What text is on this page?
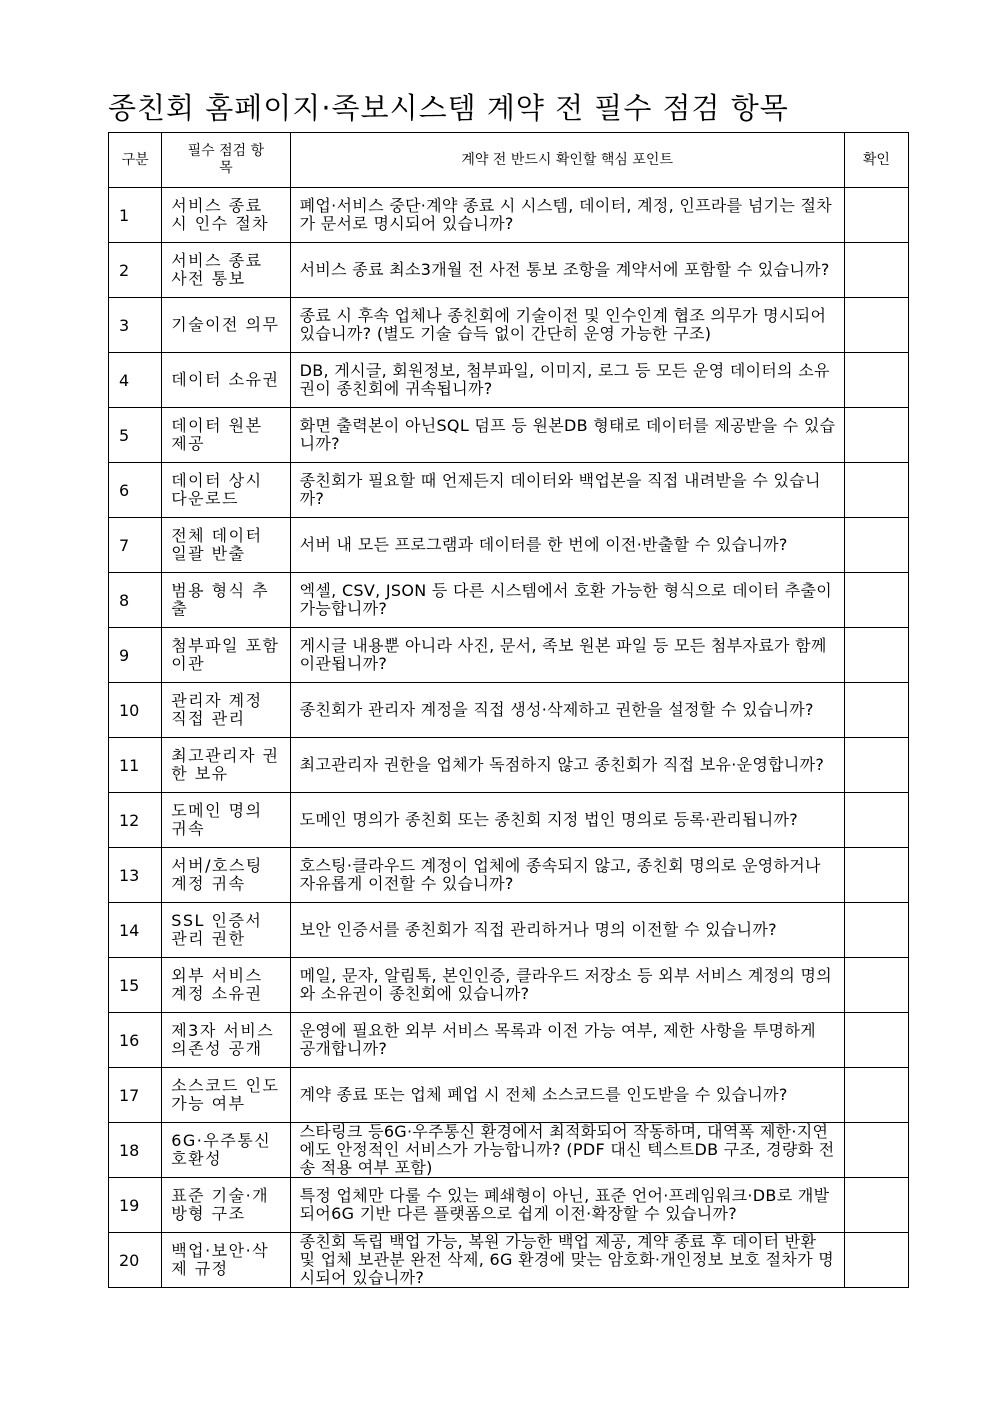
종친회 홈페이지·족보시스템 계약 전 필수 점검 항목
구분	필수 점검 항목	계약 전 반드시 확인할 핵심 포인트	확인
1	서비스 종료 시 인수 절차	폐업·서비스 중단·계약 종료 시 시스템, 데이터, 계정, 인프라를 넘기는 절차가 문서로 명시되어 있습니까?	
2	서비스 종료 사전 통보	서비스 종료 최소3개월 전 사전 통보 조항을 계약서에 포함할 수 있습니까?	
3	기술이전 의무	종료 시 후속 업체나 종친회에 기술이전 및 인수인계 협조 의무가 명시되어 있습니까? (별도 기술 습득 없이 간단히 운영 가능한 구조)	
4	데이터 소유권	DB, 게시글, 회원정보, 첨부파일, 이미지, 로그 등 모든 운영 데이터의 소유권이 종친회에 귀속됩니까?	
5	데이터 원본 제공	화면 출력본이 아닌SQL 덤프 등 원본DB 형태로 데이터를 제공받을 수 있습니까?	
6	데이터 상시 다운로드	종친회가 필요할 때 언제든지 데이터와 백업본을 직접 내려받을 수 있습니까?	
7	전체 데이터 일괄 반출	서버 내 모든 프로그램과 데이터를 한 번에 이전·반출할 수 있습니까?	
8	범용 형식 추출	엑셀, CSV, JSON 등 다른 시스템에서 호환 가능한 형식으로 데이터 추출이 가능합니까?	
9	첨부파일 포함 이관	게시글 내용뿐 아니라 사진, 문서, 족보 원본 파일 등 모든 첨부자료가 함께 이관됩니까?	
10	관리자 계정 직접 관리	종친회가 관리자 계정을 직접 생성·삭제하고 권한을 설정할 수 있습니까?	
11	최고관리자 권한 보유	최고관리자 권한을 업체가 독점하지 않고 종친회가 직접 보유·운영합니까?	
12	도메인 명의 귀속	도메인 명의가 종친회 또는 종친회 지정 법인 명의로 등록·관리됩니까?	
13	서버/호스팅 계정 귀속	호스팅·클라우드 계정이 업체에 종속되지 않고, 종친회 명의로 운영하거나 자유롭게 이전할 수 있습니까?	
14	SSL 인증서 관리 권한	보안 인증서를 종친회가 직접 관리하거나 명의 이전할 수 있습니까?	
15	외부 서비스 계정 소유권	메일, 문자, 알림톡, 본인인증, 클라우드 저장소 등 외부 서비스 계정의 명의와 소유권이 종친회에 있습니까?	
16	제3자 서비스 의존성 공개	운영에 필요한 외부 서비스 목록과 이전 가능 여부, 제한 사항을 투명하게 공개합니까?	
17	소스코드 인도 가능 여부	계약 종료 또는 업체 폐업 시 전체 소스코드를 인도받을 수 있습니까?	
18	6G·우주통신 호환성	스타링크 등6G·우주통신 환경에서 최적화되어 작동하며, 대역폭 제한·지연에도 안정적인 서비스가 가능합니까? (PDF 대신 텍스트DB 구조, 경량화 전송 적용 여부 포함)	
19	표준 기술·개방형 구조	특정 업체만 다룰 수 있는 폐쇄형이 아닌, 표준 언어·프레임워크·DB로 개발되어6G 기반 다른 플랫폼으로 쉽게 이전·확장할 수 있습니까?	
20	백업·보안·삭제 규정	종친회 독립 백업 가능, 복원 가능한 백업 제공, 계약 종료 후 데이터 반환 및 업체 보관분 완전 삭제, 6G 환경에 맞는 암호화·개인정보 보호 절차가 명시되어 있습니까?	
